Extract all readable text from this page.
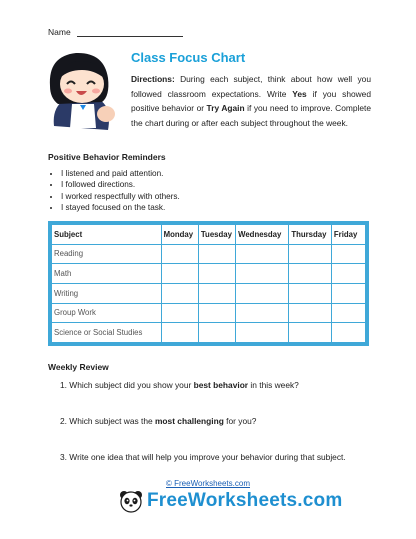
Name
Class Focus Chart
Directions: During each subject, think about how well you followed classroom expectations. Write Yes if you showed positive behavior or Try Again if you need to improve. Complete the chart during or after each subject throughout the week.
Positive Behavior Reminders
• I listened and paid attention.
• I followed directions.
• I worked respectfully with others.
• I stayed focused on the task.
Subject	Monday	Tuesday	Wednesday	Thursday	Friday
Reading					
Math					
Writing					
Group Work					
Science or Social Studies					
Weekly Review
1. Which subject did you show your best behavior in this week?
2. Which subject was the most challenging for you?
3. Write one idea that will help you improve your behavior during that subject.
© FreeWorksheets.com
FreeWorksheets.com
